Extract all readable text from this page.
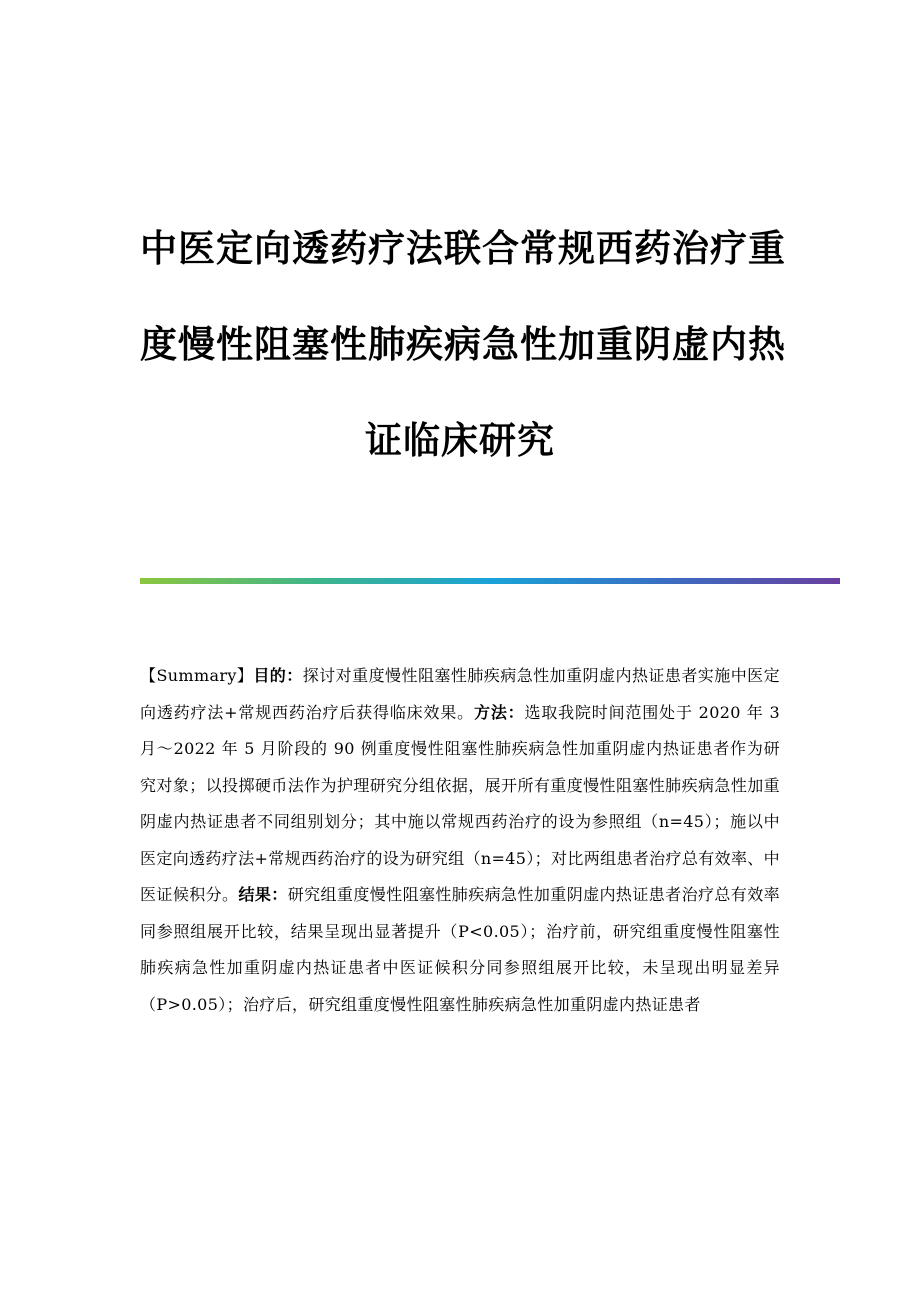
中医定向透药疗法联合常规西药治疗重
度慢性阻塞性肺疾病急性加重阴虚内热
证临床研究
【Summary】目的：探讨对重度慢性阻塞性肺疾病急性加重阴虚内热证患者实施中医定向透药疗法+常规西药治疗后获得临床效果。方法：选取我院时间范围处于 2020 年 3 月～2022 年 5 月阶段的 90 例重度慢性阻塞性肺疾病急性加重阴虚内热证患者作为研究对象；以投掷硬币法作为护理研究分组依据，展开所有重度慢性阻塞性肺疾病急性加重阴虚内热证患者不同组别划分；其中施以常规西药治疗的设为参照组（n=45）；施以中医定向透药疗法+常规西药治疗的设为研究组（n=45）；对比两组患者治疗总有效率、中医证候积分。结果：研究组重度慢性阻塞性肺疾病急性加重阴虚内热证患者治疗总有效率同参照组展开比较，结果呈现出显著提升（P<0.05）；治疗前，研究组重度慢性阻塞性肺疾病急性加重阴虚内热证患者中医证候积分同参照组展开比较，未呈现出明显差异（P>0.05）；治疗后，研究组重度慢性阻塞性肺疾病急性加重阴虚内热证患者
